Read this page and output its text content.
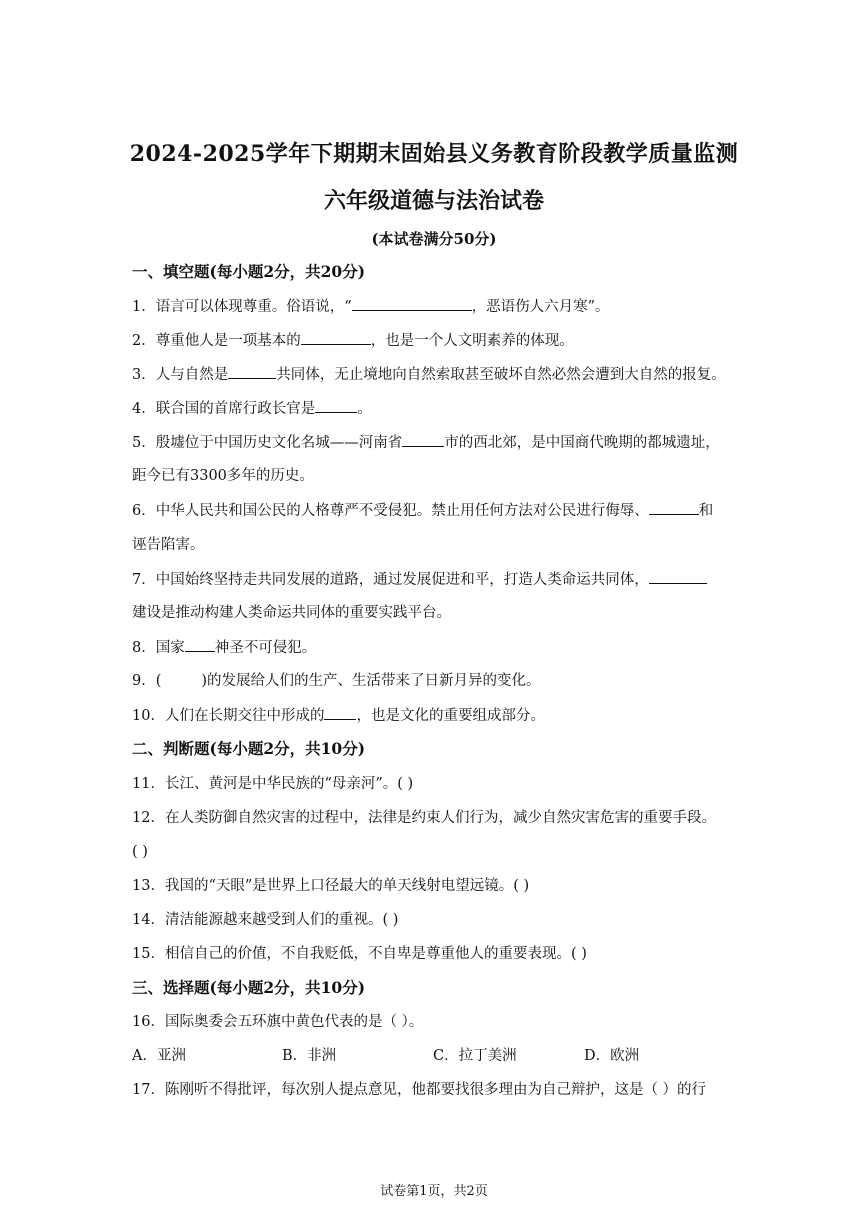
2024-2025学年下期期末固始县义务教育阶段教学质量监测
六年级道德与法治试卷
(本试卷满分50分)
一、填空题(每小题2分，共20分)
1．语言可以体现尊重。俗语说，“	，恶语伤人六月寒”。
2．尊重他人是一项基本的	，也是一个人文明素养的体现。
3．人与自然是	共同体，无止境地向自然索取甚至破坏自然必然会遭到大自然的报复。
4．联合国的首席行政长官是	。
5．殷墟位于中国历史文化名城——河南省	市的西北郊，是中国商代晚期的都城遗址，
距今已有3300多年的历史。
6．中华人民共和国公民的人格尊严不受侵犯。禁止用任何方法对公民进行侮辱、	和
诬告陷害。
7．中国始终坚持走共同发展的道路，通过发展促进和平，打造人类命运共同体，
建设是推动构建人类命运共同体的重要实践平台。
8．国家 神圣不可侵犯。
9．(	)的发展给人们的生产、生活带来了日新月异的变化。
10．人们在长期交往中形成的 ，也是文化的重要组成部分。
二、判断题(每小题2分，共10分)
11．长江、黄河是中华民族的“母亲河”。( )
12．在人类防御自然灾害的过程中，法律是约束人们行为，减少自然灾害危害的重要手段。
( )
13．我国的“天眼”是世界上口径最大的单天线射电望远镜。( )
14．清洁能源越来越受到人们的重视。( )
15．相信自己的价值，不自我贬低，不自卑是尊重他人的重要表现。( )
三、选择题(每小题2分，共10分)
16．国际奥委会五环旗中黄色代表的是（ ）。
A．亚洲	B．非洲	C．拉丁美洲	D．欧洲
17．陈刚听不得批评，每次别人提点意见，他都要找很多理由为自己辩护，这是（ ）的行
试卷第1页，共2页
